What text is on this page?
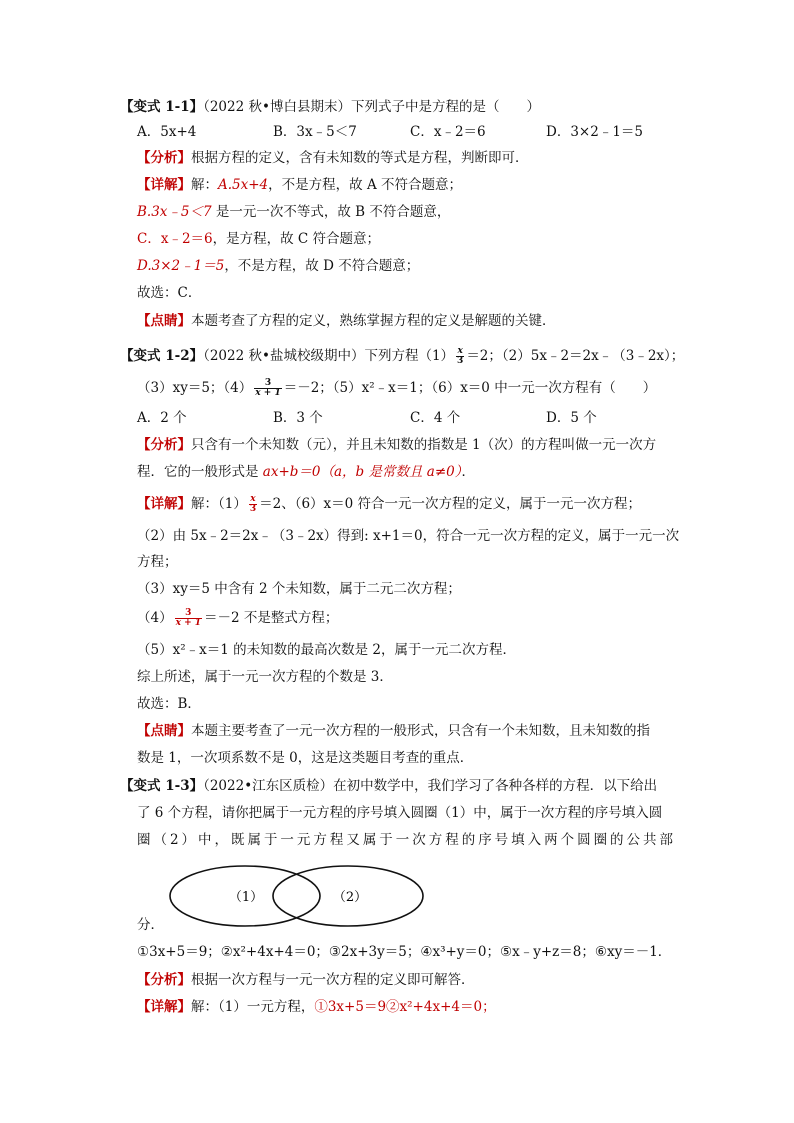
【变式 1-1】（2022 秋•博白县期末）下列式子中是方程的是（　　）
A．5x+4	B．3x﹣5＜7	C．x﹣2＝6	D．3×2﹣1＝5
【分析】根据方程的定义，含有未知数的等式是方程，判断即可．
【详解】解：A.5x+4，不是方程，故 A 不符合题意；
B.3x﹣5＜7 是一元一次不等式，故 B 不符合题意，
C．x﹣2＝6，是方程，故 C 符合题意；
D.3×2﹣1＝5，不是方程，故 D 不符合题意；
故选：C．
【点睛】本题考查了方程的定义，熟练掌握方程的定义是解题的关键．
【变式 1-2】（2022 秋•盐城校级期中）下列方程$(1) \frac{x}{3} =2$；（2）5x﹣2＝2x﹣（3﹣2x）；
（3）xy＝5；$(4) \frac{3}{x + 1} =-2$；（5）x²﹣x＝1；（6）x＝0 中一元一次方程有（　　）
A．2 个	B．3 个	C．4 个	D．5 个
【分析】只含有一个未知数（元），并且未知数的指数是 1（次）的方程叫做一元一次方
程．它的一般形式是 ax+b＝0（a，b 是常数且 a≠0）．
【详解】解：$(1) \frac{x}{3} =2$、（6）x＝0 符合一元一次方程的定义，属于一元一次方程；
（2）由 5x﹣2＝2x﹣（3﹣2x）得到: x+1＝0，符合一元一次方程的定义，属于一元一次
方程；
（3）xy＝5 中含有 2 个未知数，属于二元二次方程；
$(4) \frac{3}{x + 1} =-2$ 不是整式方程；
（5）x²﹣x＝1 的未知数的最高次数是 2，属于一元二次方程．
综上所述，属于一元一次方程的个数是 3．
故选：B．
【点睛】本题主要考查了一元一次方程的一般形式，只含有一个未知数，且未知数的指
数是 1，一次项系数不是 0，这是这类题目考查的重点．
【变式 1-3】（2022•江东区质检）在初中数学中，我们学习了各种各样的方程．以下给出
了 6 个方程，请你把属于一元方程的序号填入圆圈（1）中，属于一次方程的序号填入圆
圈（2）中，既属于一元方程又属于一次方程的序号填入两个圆圈的公共部
（1）	（2）
分．
①3x+5＝9；②x²+4x+4＝0；③2x+3y＝5；④x³+y＝0；⑤x﹣y+z＝8；⑥xy＝－1．
【分析】根据一次方程与一元一次方程的定义即可解答．
【详解】解：（1）一元方程，①3x+5＝9②x²+4x+4＝0；
